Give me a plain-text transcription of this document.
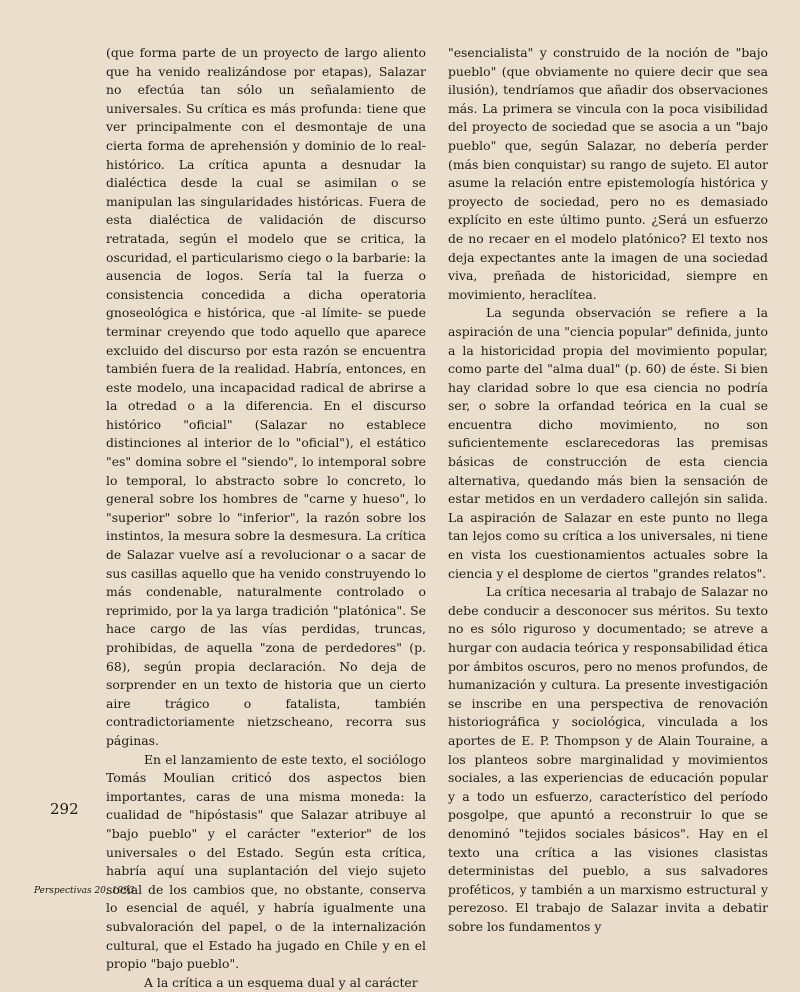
(que forma parte de un proyecto de largo aliento que ha venido realizándose por etapas), Salazar no efectúa tan sólo un señalamiento de universales. Su crítica es más profunda: tiene que ver principalmente con el desmontaje de una cierta forma de aprehensión y dominio de lo real-histórico. La crítica apunta a desnudar la dialéctica desde la cual se asimilan o se manipulan las singularidades históricas. Fuera de esta dialéctica de validación de discurso retratada, según el modelo que se critica, la oscuridad, el particularismo ciego o la barbarie: la ausencia de logos. Sería tal la fuerza o consistencia concedida a dicha operatoria gnoseológica e histórica, que -al límite- se puede terminar creyendo que todo aquello que aparece excluido del discurso por esta razón se encuentra también fuera de la realidad. Habría, entonces, en este modelo, una incapacidad radical de abrirse a la otredad o a la diferencia. En el discurso histórico "oficial" (Salazar no establece distinciones al interior de lo "oficial"), el estático "es" domina sobre el "siendo", lo intemporal sobre lo temporal, lo abstracto sobre lo concreto, lo general sobre los hombres de "carne y hueso", lo "superior" sobre lo "inferior", la razón sobre los instintos, la mesura sobre la desmesura. La crítica de Salazar vuelve así a revolucionar o a sacar de sus casillas aquello que ha venido construyendo lo más condenable, naturalmente controlado o reprimido, por la ya larga tradición "platónica". Se hace cargo de las vías perdidas, truncas, prohibidas, de aquella "zona de perdedores" (p. 68), según propia declaración. No deja de sorprender en un texto de historia que un cierto aire trágico o fatalista, también contradictoriamente nietzscheano, recorra sus páginas.

En el lanzamiento de este texto, el sociólogo Tomás Moulian criticó dos aspectos bien importantes, caras de una misma moneda: la cualidad de "hipóstasis" que Salazar atribuye al "bajo pueblo" y el carácter "exterior" de los universales o del Estado. Según esta crítica, habría aquí una suplantación del viejo sujeto social de los cambios que, no obstante, conserva lo esencial de aquél, y habría igualmente una subvaloración del papel, o de la internalización cultural, que el Estado ha jugado en Chile y en el propio "bajo pueblo".

A la crítica a un esquema dual y al carácter

"esencialista" y construido de la noción de "bajo pueblo" (que obviamente no quiere decir que sea ilusión), tendríamos que añadir dos observaciones más. La primera se vincula con la poca visibilidad del proyecto de sociedad que se asocia a un "bajo pueblo" que, según Salazar, no debería perder (más bien conquistar) su rango de sujeto. El autor asume la relación entre epistemología histórica y proyecto de sociedad, pero no es demasiado explícito en este último punto. ¿Será un esfuerzo de no recaer en el modelo platónico? El texto nos deja expectantes ante la imagen de una sociedad viva, preñada de historicidad, siempre en movimiento, heraclítea.

La segunda observación se refiere a la aspiración de una "ciencia popular" definida, junto a la historicidad propia del movimiento popular, como parte del "alma dual" (p. 60) de éste. Si bien hay claridad sobre lo que esa ciencia no podría ser, o sobre la orfandad teórica en la cual se encuentra dicho movimiento, no son suficientemente esclarecedoras las premisas básicas de construcción de esta ciencia alternativa, quedando más bien la sensación de estar metidos en un verdadero callejón sin salida. La aspiración de Salazar en este punto no llega tan lejos como su crítica a los universales, ni tiene en vista los cuestionamientos actuales sobre la ciencia y el desplome de ciertos "grandes relatos".

La crítica necesaria al trabajo de Salazar no debe conducir a desconocer sus méritos. Su texto no es sólo riguroso y documentado; se atreve a hurgar con audacia teórica y responsabilidad ética por ámbitos oscuros, pero no menos profundos, de humanización y cultura. La presente investigación se inscribe en una perspectiva de renovación historiográfica y sociológica, vinculada a los aportes de E. P. Thompson y de Alain Touraine, a los planteos sobre marginalidad y movimientos sociales, a las experiencias de educación popular y a todo un esfuerzo, característico del período posgolpe, que apuntó a reconstruir lo que se denominó "tejidos sociales básicos". Hay en el texto una crítica a las visiones clasistas deterministas del pueblo, a sus salvadores proféticos, y también a un marxismo estructural y perezoso. El trabajo de Salazar invita a debatir sobre los fundamentos y

292
Perspectivas 20, 1993
